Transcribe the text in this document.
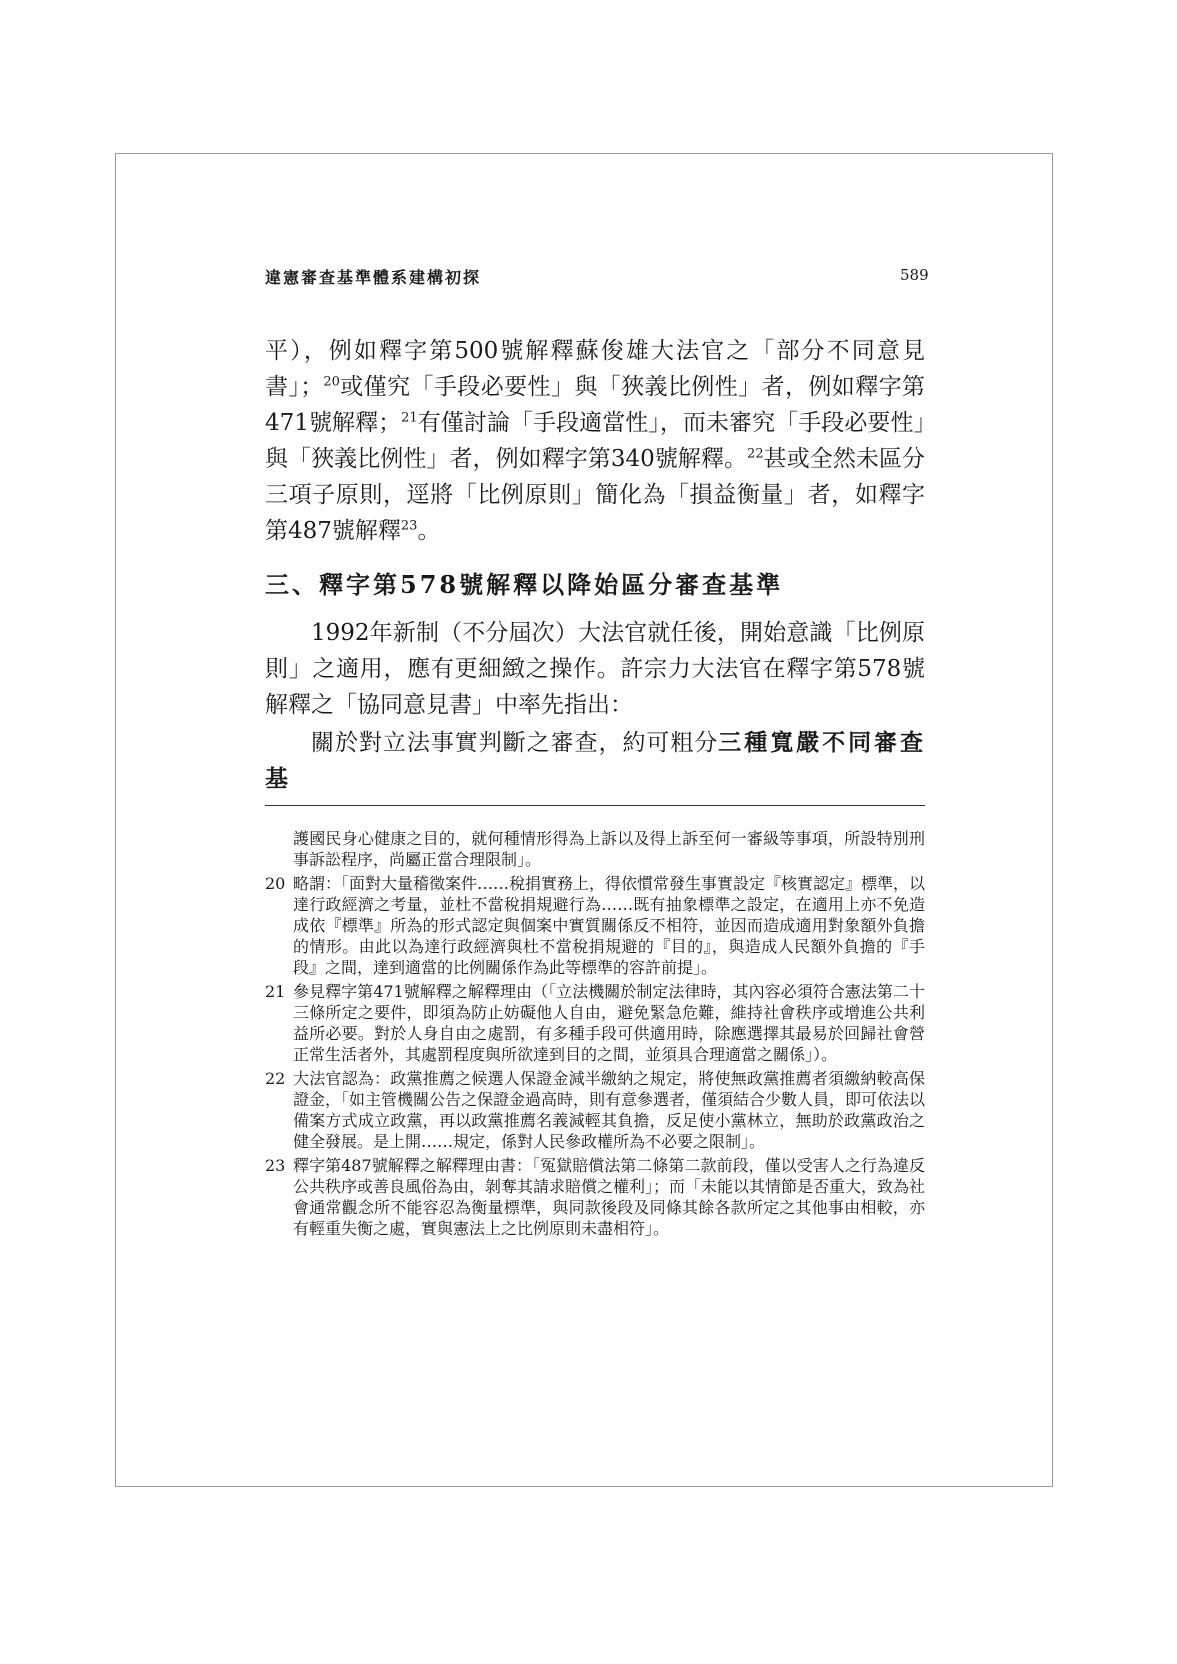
違憲審查基準體系建構初探	589
平），例如釋字第500號解釋蘇俊雄大法官之「部分不同意見書」；$^{20}$或僅究「手段必要性」與「狹義比例性」者，例如釋字第471號解釋；$^{21}$有僅討論「手段適當性」，而未審究「手段必要性」與「狹義比例性」者，例如釋字第340號解釋。$^{22}$甚或全然未區分三項子原則，逕將「比例原則」簡化為「損益衡量」者，如釋字第487號解釋$^{23}$。
三、釋字第578號解釋以降始區分審查基準
1992年新制（不分屆次）大法官就任後，開始意識「比例原則」之適用，應有更細緻之操作。許宗力大法官在釋字第578號解釋之「協同意見書」中率先指出：
關於對立法事實判斷之審查，約可粗分三種寬嚴不同審查基
護國民身心健康之目的，就何種情形得為上訴以及得上訴至何一審級等事項，所設特別刑事訴訟程序，尚屬正當合理限制」。
20 略謂：「面對大量稽徵案件……稅捐實務上，得依慣常發生事實設定『核實認定』標準，以達行政經濟之考量，並杜不當稅捐規避行為……既有抽象標準之設定，在適用上亦不免造成依『標準』所為的形式認定與個案中實質關係反不相符，並因而造成適用對象額外負擔的情形。由此以為達行政經濟與杜不當稅捐規避的『目的』，與造成人民額外負擔的『手段』之間，達到適當的比例關係作為此等標準的容許前提」。
21 參見釋字第471號解釋之解釋理由（「立法機關於制定法律時，其內容必須符合憲法第二十三條所定之要件，即須為防止妨礙他人自由，避免緊急危難，維持社會秩序或增進公共利益所必要。對於人身自由之處罰，有多種手段可供適用時，除應選擇其最易於回歸社會營正常生活者外，其處罰程度與所欲達到目的之間，並須具合理適當之關係」）。
22 大法官認為：政黨推薦之候選人保證金減半繳納之規定，將使無政黨推薦者須繳納較高保證金，「如主管機關公告之保證金過高時，則有意參選者，僅須結合少數人員，即可依法以備案方式成立政黨，再以政黨推薦名義減輕其負擔，反足使小黨林立，無助於政黨政治之健全發展。是上開……規定，係對人民參政權所為不必要之限制」。
23 釋字第487號解釋之解釋理由書：「冤獄賠償法第二條第二款前段，僅以受害人之行為違反公共秩序或善良風俗為由，剝奪其請求賠償之權利」；而「未能以其情節是否重大，致為社會通常觀念所不能容忍為衡量標準，與同款後段及同條其餘各款所定之其他事由相較，亦有輕重失衡之處，實與憲法上之比例原則未盡相符」。
